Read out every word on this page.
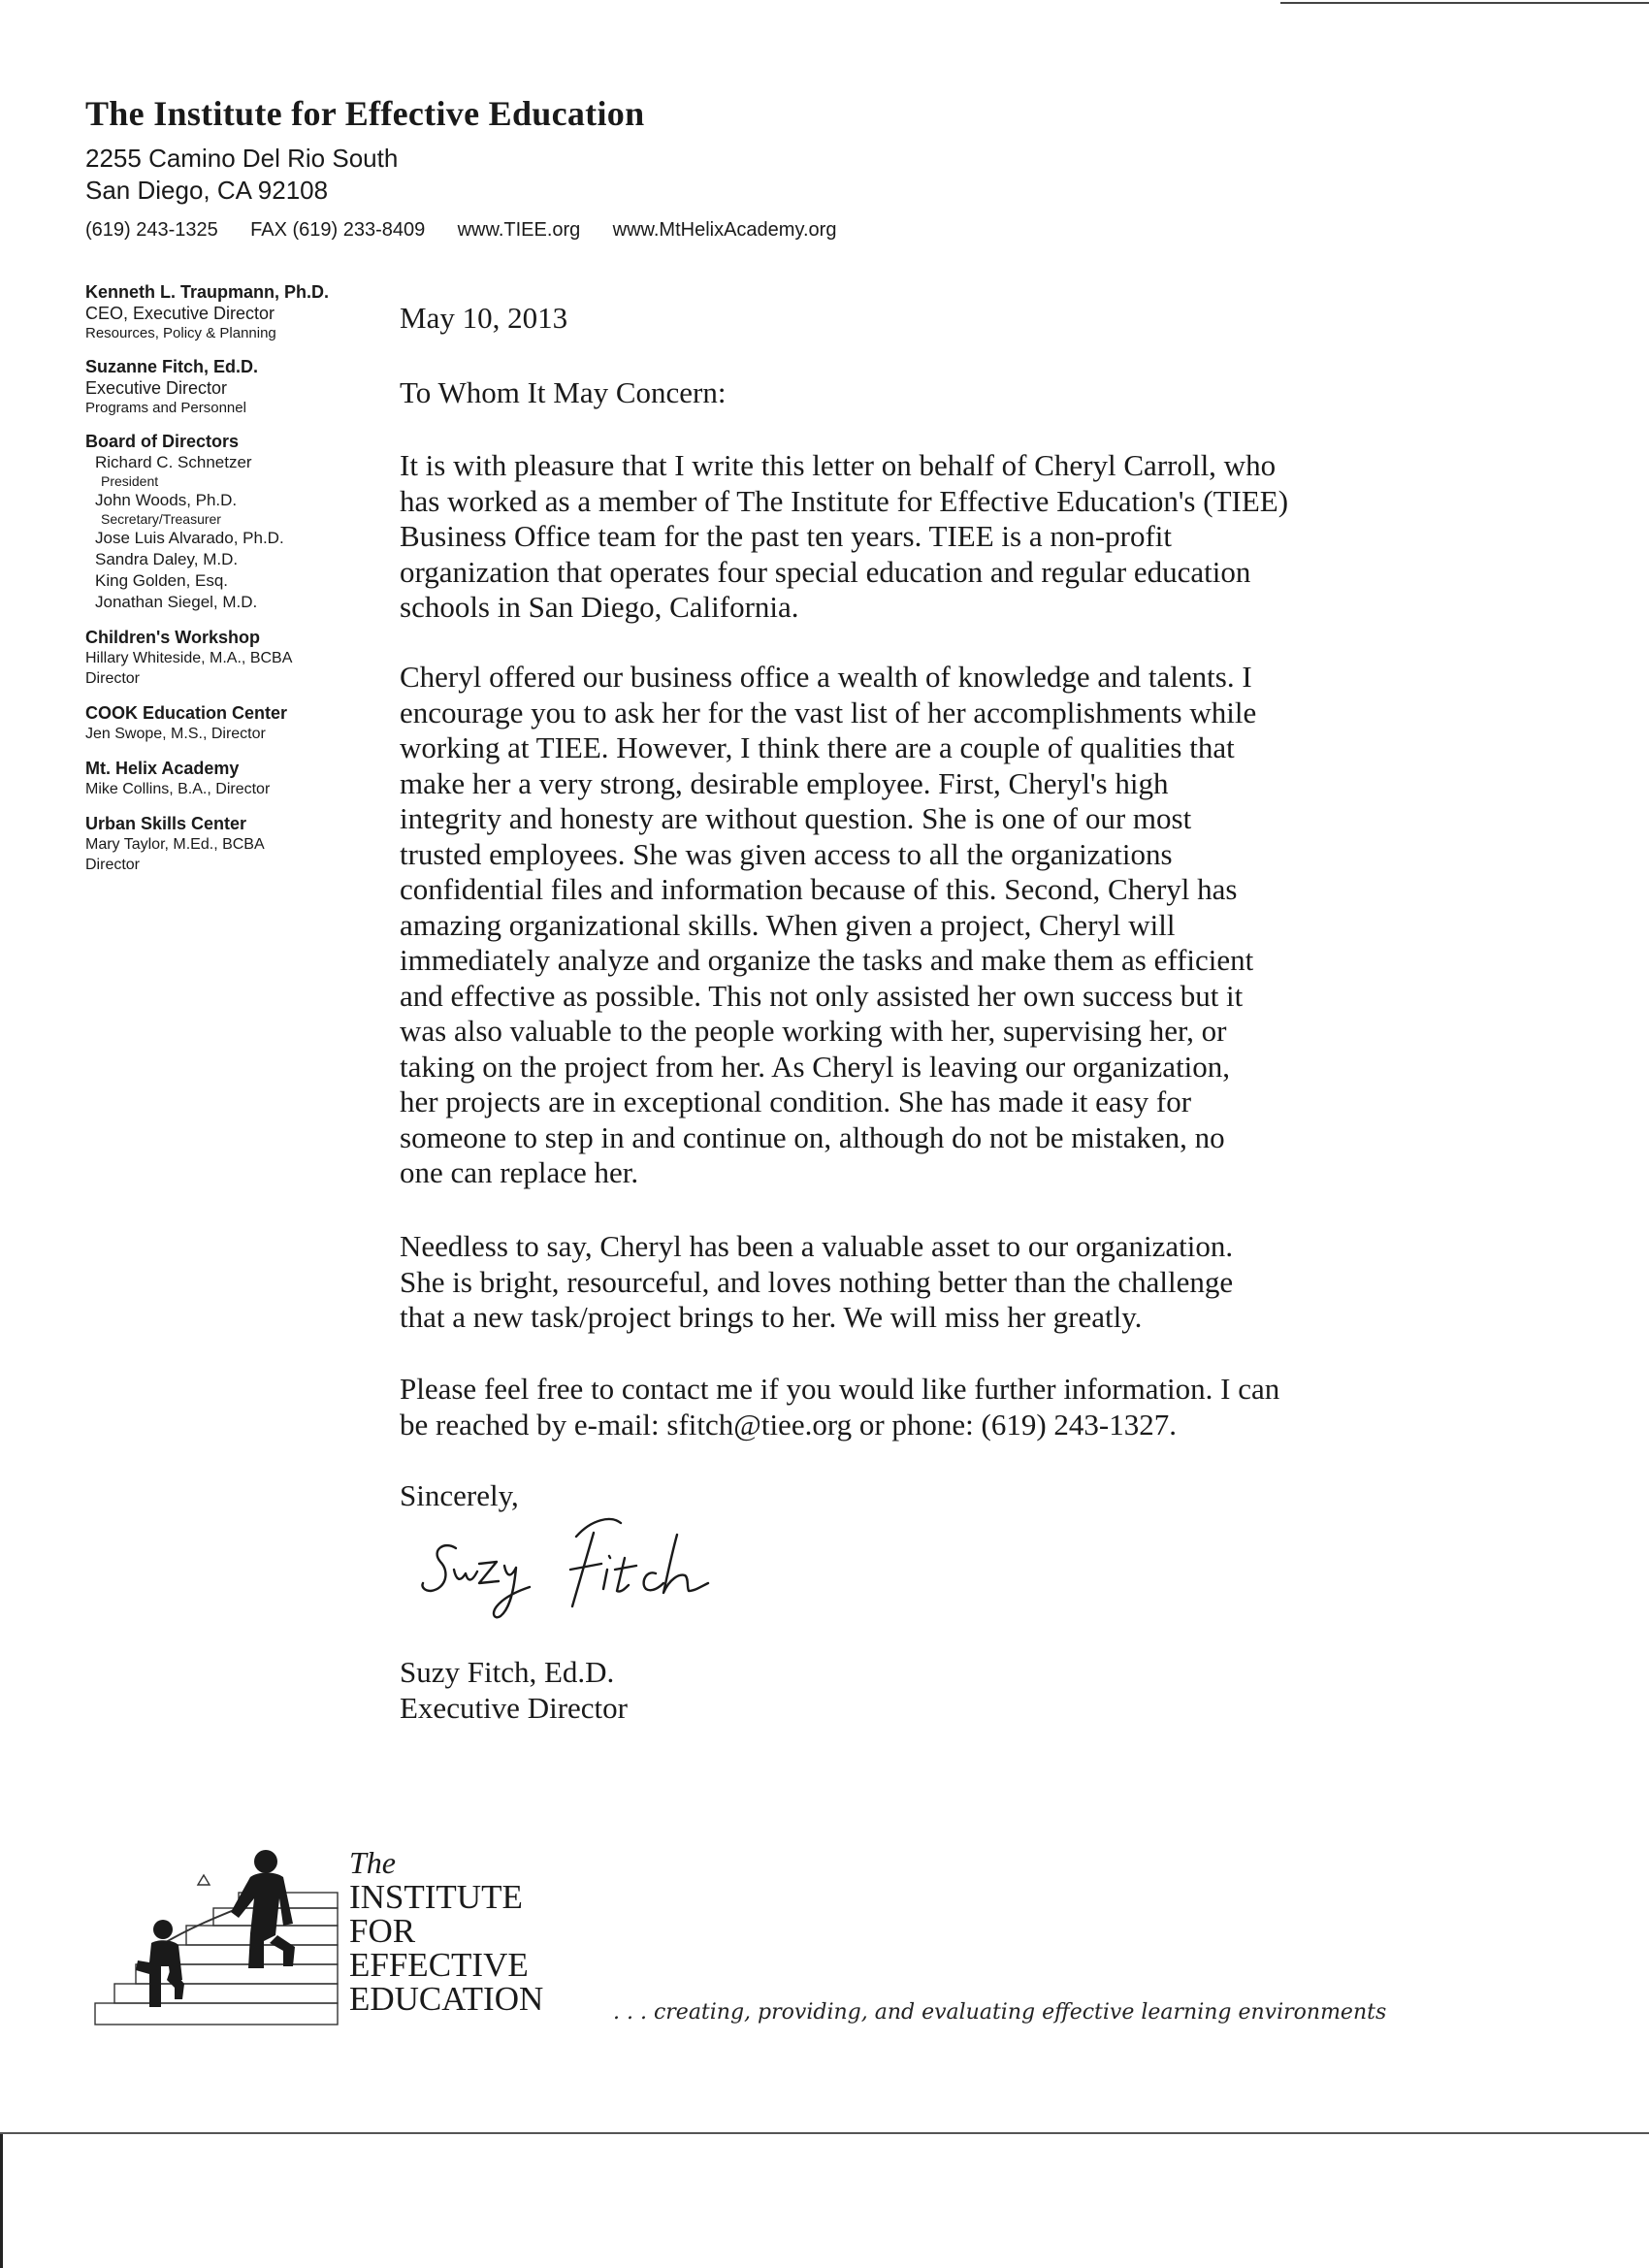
The Institute for Effective Education
2255 Camino Del Rio South
San Diego, CA 92108
(619) 243-1325 FAX (619) 233-8409 www.TIEE.org www.MtHelixAcademy.org
Kenneth L. Traupmann, Ph.D.
CEO, Executive Director
Resources, Policy & Planning
Suzanne Fitch, Ed.D.
Executive Director
Programs and Personnel
Board of Directors
Richard C. Schnetzer
President
John Woods, Ph.D.
Secretary/Treasurer
Jose Luis Alvarado, Ph.D.
Sandra Daley, M.D.
King Golden, Esq.
Jonathan Siegel, M.D.
Children's Workshop
Hillary Whiteside, M.A., BCBA
Director
COOK Education Center
Jen Swope, M.S., Director
Mt. Helix Academy
Mike Collins, B.A., Director
Urban Skills Center
Mary Taylor, M.Ed., BCBA
Director
May 10, 2013
To Whom It May Concern:

It is with pleasure that I write this letter on behalf of Cheryl Carroll, who

has worked as a member of The Institute for Effective Education's (TIEE)

Business Office team for the past ten years. TIEE is a non-profit

organization that operates four special education and regular education

schools in San Diego, California.

Cheryl offered our business office a wealth of knowledge and talents. I

encourage you to ask her for the vast list of her accomplishments while

working at TIEE. However, I think there are a couple of qualities that

make her a very strong, desirable employee. First, Cheryl's high

integrity and honesty are without question. She is one of our most

trusted employees. She was given access to all the organizations

confidential files and information because of this. Second, Cheryl has

amazing organizational skills. When given a project, Cheryl will

immediately analyze and organize the tasks and make them as efficient

and effective as possible. This not only assisted her own success but it

was also valuable to the people working with her, supervising her, or

taking on the project from her. As Cheryl is leaving our organization,

her projects are in exceptional condition. She has made it easy for

someone to step in and continue on, although do not be mistaken, no

one can replace her.

Needless to say, Cheryl has been a valuable asset to our organization.

She is bright, resourceful, and loves nothing better than the challenge

that a new task/project brings to her. We will miss her greatly.

Please feel free to contact me if you would like further information. I can

be reached by e-mail: sfitch@tiee.org or phone: (619) 243-1327.

Sincerely,
Suzy Fitch, Ed.D.
Executive Director
The
INSTITUTE
FOR
EFFECTIVE
EDUCATION	. . . creating, providing, and evaluating effective learning environments
